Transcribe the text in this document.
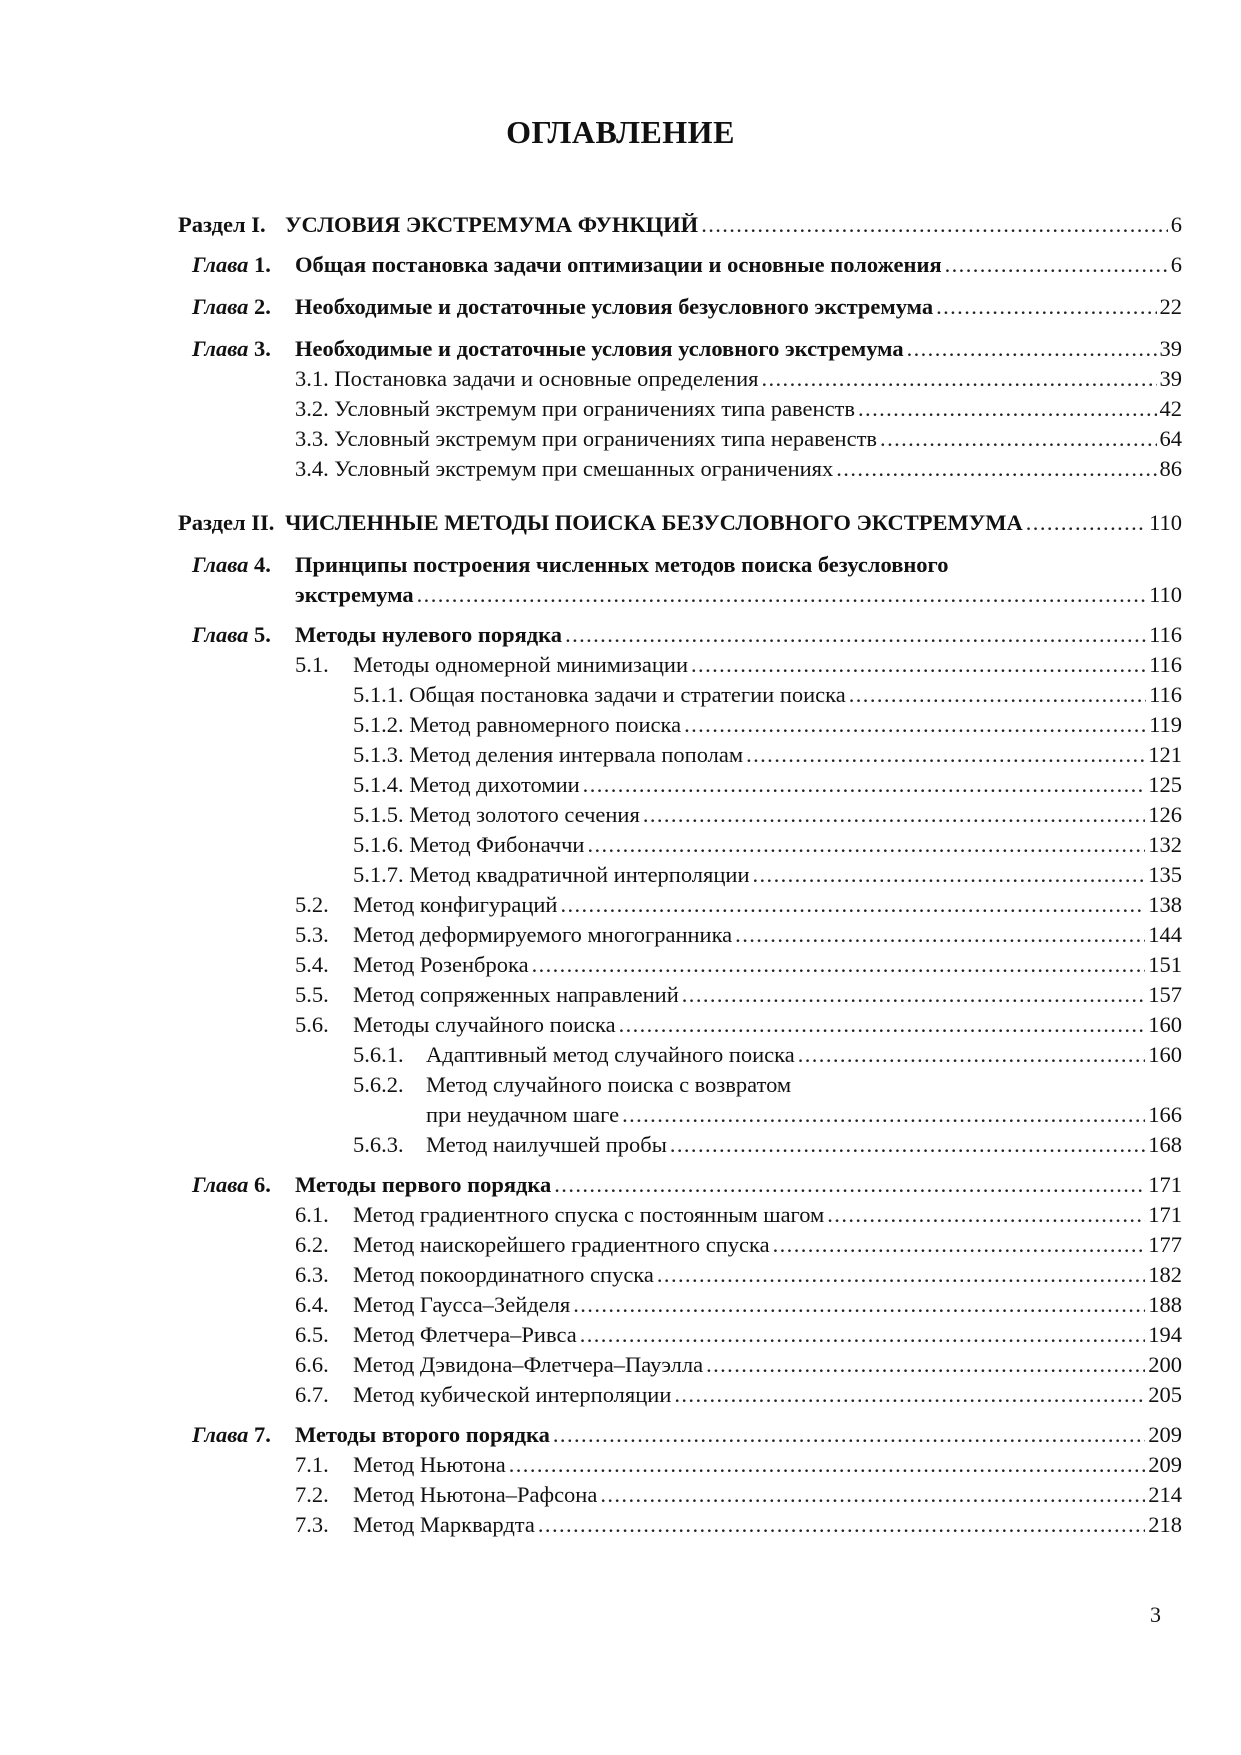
ОГЛАВЛЕНИЕ
Раздел I. УСЛОВИЯ ЭКСТРЕМУМА ФУНКЦИЙ .....	6
Глава 1. Общая постановка задачи оптимизации и основные положения .....	6
Глава 2. Необходимые и достаточные условия безусловного экстремума .....	22
Глава 3. Необходимые и достаточные условия условного экстремума .....	39
3.1. Постановка задачи и основные определения .....	39
3.2. Условный экстремум при ограничениях типа равенств .....	42
3.3. Условный экстремум при ограничениях типа неравенств .....	64
3.4. Условный экстремум при смешанных ограничениях .....	86
Раздел II. ЧИСЛЕННЫЕ МЕТОДЫ ПОИСКА БЕЗУСЛОВНОГО ЭКСТРЕМУМА .....	110
Глава 4. Принципы построения численных методов поиска безусловного
экстремума .....	110
Глава 5. Методы нулевого порядка .....	116
5.1. Методы одномерной минимизации .....	116
5.1.1. Общая постановка задачи и стратегии поиска .....	116
5.1.2. Метод равномерного поиска .....	119
5.1.3. Метод деления интервала пополам .....	121
5.1.4. Метод дихотомии .....	125
5.1.5. Метод золотого сечения .....	126
5.1.6. Метод Фибоначчи .....	132
5.1.7. Метод квадратичной интерполяции .....	135
5.2. Метод конфигураций .....	138
5.3. Метод деформируемого многогранника .....	144
5.4. Метод Розенброка .....	151
5.5. Метод сопряженных направлений .....	157
5.6. Методы случайного поиска .....	160
5.6.1. Адаптивный метод случайного поиска .....	160
5.6.2. Метод случайного поиска с возвратом
при неудачном шаге .....	166
5.6.3. Метод наилучшей пробы .....	168
Глава 6. Методы первого порядка .....	171
6.1. Метод градиентного спуска с постоянным шагом .....	171
6.2. Метод наискорейшего градиентного спуска .....	177
6.3. Метод покоординатного спуска .....	182
6.4. Метод Гаусса–Зейделя .....	188
6.5. Метод Флетчера–Ривса .....	194
6.6. Метод Дэвидона–Флетчера–Пауэлла .....	200
6.7. Метод кубической интерполяции .....	205
Глава 7. Методы второго порядка .....	209
7.1. Метод Ньютона .....	209
7.2. Метод Ньютона–Рафсона .....	214
7.3. Метод Марквардта .....	218

3
